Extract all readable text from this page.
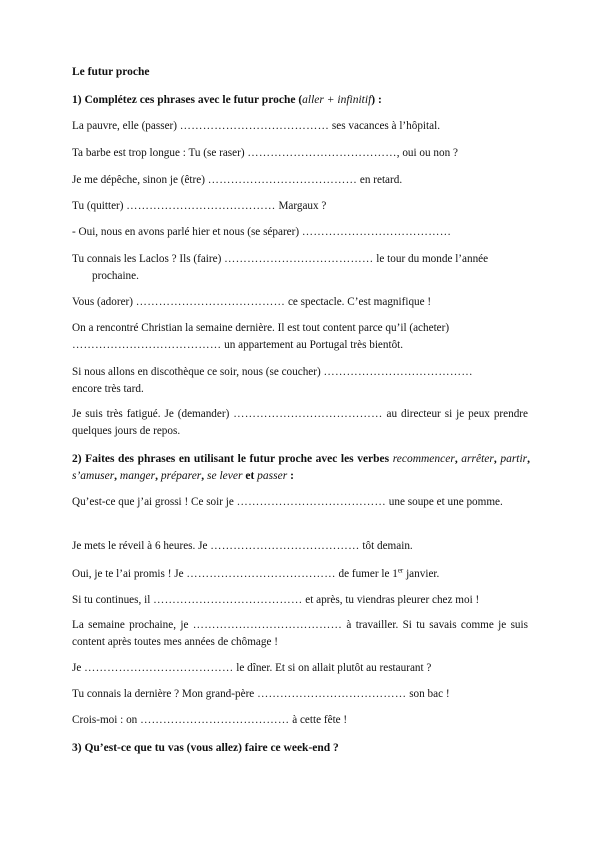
Le futur proche
1) Complétez ces phrases avec le futur proche (aller + infinitif) :
La pauvre, elle (passer) ………………………………… ses vacances à l’hôpital.
Ta barbe est trop longue : Tu (se raser) …………………………………, oui ou non ?
Je me dépêche, sinon je (être) ………………………………… en retard.
Tu (quitter) ………………………………… Margaux ?
- Oui, nous en avons parlé hier et nous (se séparer) …………………………………
Tu connais les Laclos ? Ils (faire) ………………………………… le tour du monde l’année
prochaine.
Vous (adorer) ………………………………… ce spectacle. C’est magnifique !
On a rencontré Christian la semaine dernière. Il est tout content parce qu’il (acheter)
………………………………… un appartement au Portugal très bientôt.
Si nous allons en discothèque ce soir, nous (se coucher) …………………………………
encore très tard.
Je suis très fatigué. Je (demander) ………………………………… au directeur si je peux prendre quelques jours de repos.
2) Faites des phrases en utilisant le futur proche avec les verbes recommencer, arrêter, partir, s’amuser, manger, préparer, se lever et passer :
Qu’est-ce que j’ai grossi ! Ce soir je ………………………………… une soupe et une pomme.
Je mets le réveil à 6 heures. Je ………………………………… tôt demain.
Oui, je te l’ai promis ! Je ………………………………… de fumer le 1er janvier.
Si tu continues, il ………………………………… et après, tu viendras pleurer chez moi !
La semaine prochaine, je ………………………………… à travailler. Si tu savais comme je suis content après toutes mes années de chômage !
Je ………………………………… le dîner. Et si on allait plutôt au restaurant ?
Tu connais la dernière ? Mon grand-père ………………………………… son bac !
Crois-moi : on ………………………………… à cette fête !
3) Qu’est-ce que tu vas (vous allez) faire ce week-end ?
